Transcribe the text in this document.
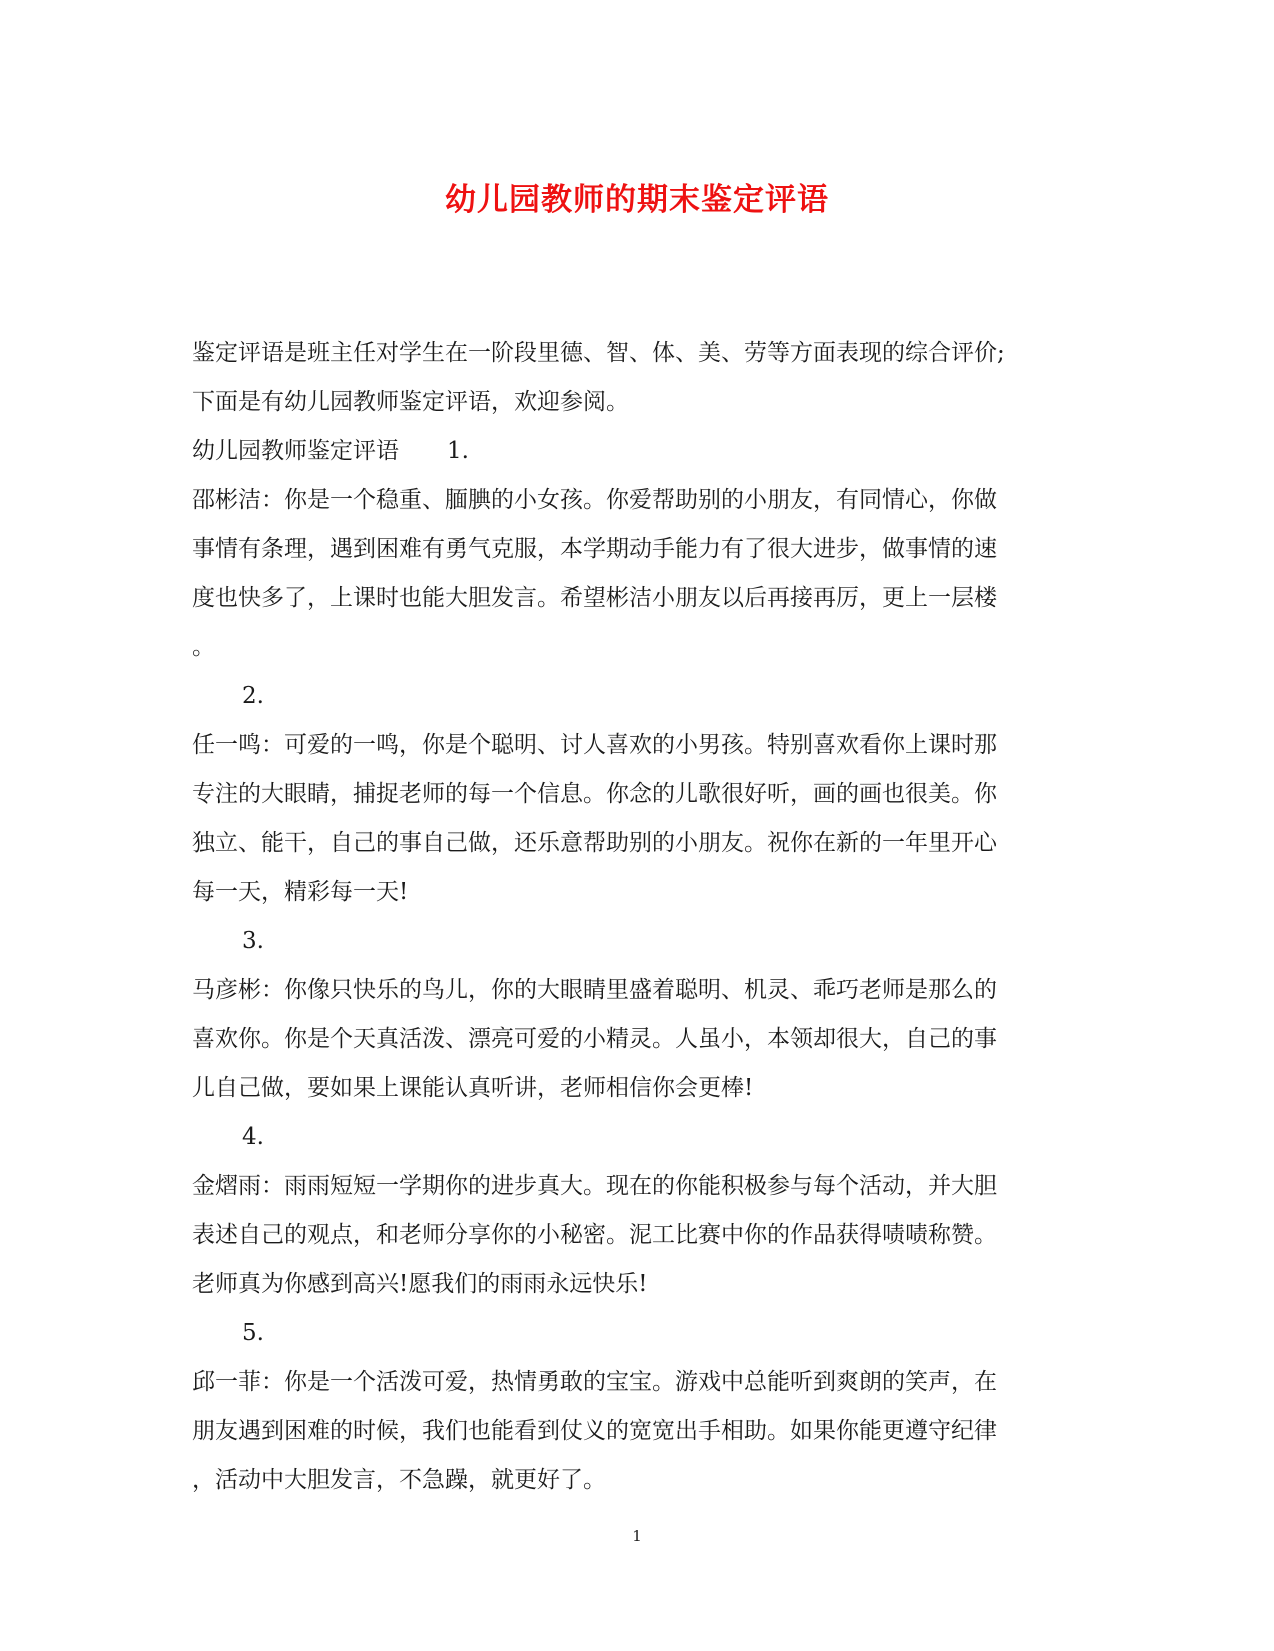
幼儿园教师的期末鉴定评语
鉴定评语是班主任对学生在一阶段里德、智、体、美、劳等方面表现的综合评价;
下面是有幼儿园教师鉴定评语，欢迎参阅。
幼儿园教师鉴定评语 1.
邵彬洁：你是一个稳重、腼腆的小女孩。你爱帮助别的小朋友，有同情心，你做
事情有条理，遇到困难有勇气克服，本学期动手能力有了很大进步，做事情的速
度也快多了，上课时也能大胆发言。希望彬洁小朋友以后再接再厉，更上一层楼
。
2.
任一鸣：可爱的一鸣，你是个聪明、讨人喜欢的小男孩。特别喜欢看你上课时那
专注的大眼睛，捕捉老师的每一个信息。你念的儿歌很好听，画的画也很美。你
独立、能干，自己的事自己做，还乐意帮助别的小朋友。祝你在新的一年里开心
每一天，精彩每一天!
3.
马彦彬：你像只快乐的鸟儿，你的大眼睛里盛着聪明、机灵、乖巧老师是那么的
喜欢你。你是个天真活泼、漂亮可爱的小精灵。人虽小，本领却很大，自己的事
儿自己做，要如果上课能认真听讲，老师相信你会更棒!
4.
金熠雨：雨雨短短一学期你的进步真大。现在的你能积极参与每个活动，并大胆
表述自己的观点，和老师分享你的小秘密。泥工比赛中你的作品获得啧啧称赞。
老师真为你感到高兴!愿我们的雨雨永远快乐!
5.
邱一菲：你是一个活泼可爱，热情勇敢的宝宝。游戏中总能听到爽朗的笑声，在
朋友遇到困难的时候，我们也能看到仗义的宽宽出手相助。如果你能更遵守纪律
，活动中大胆发言，不急躁，就更好了。
1
